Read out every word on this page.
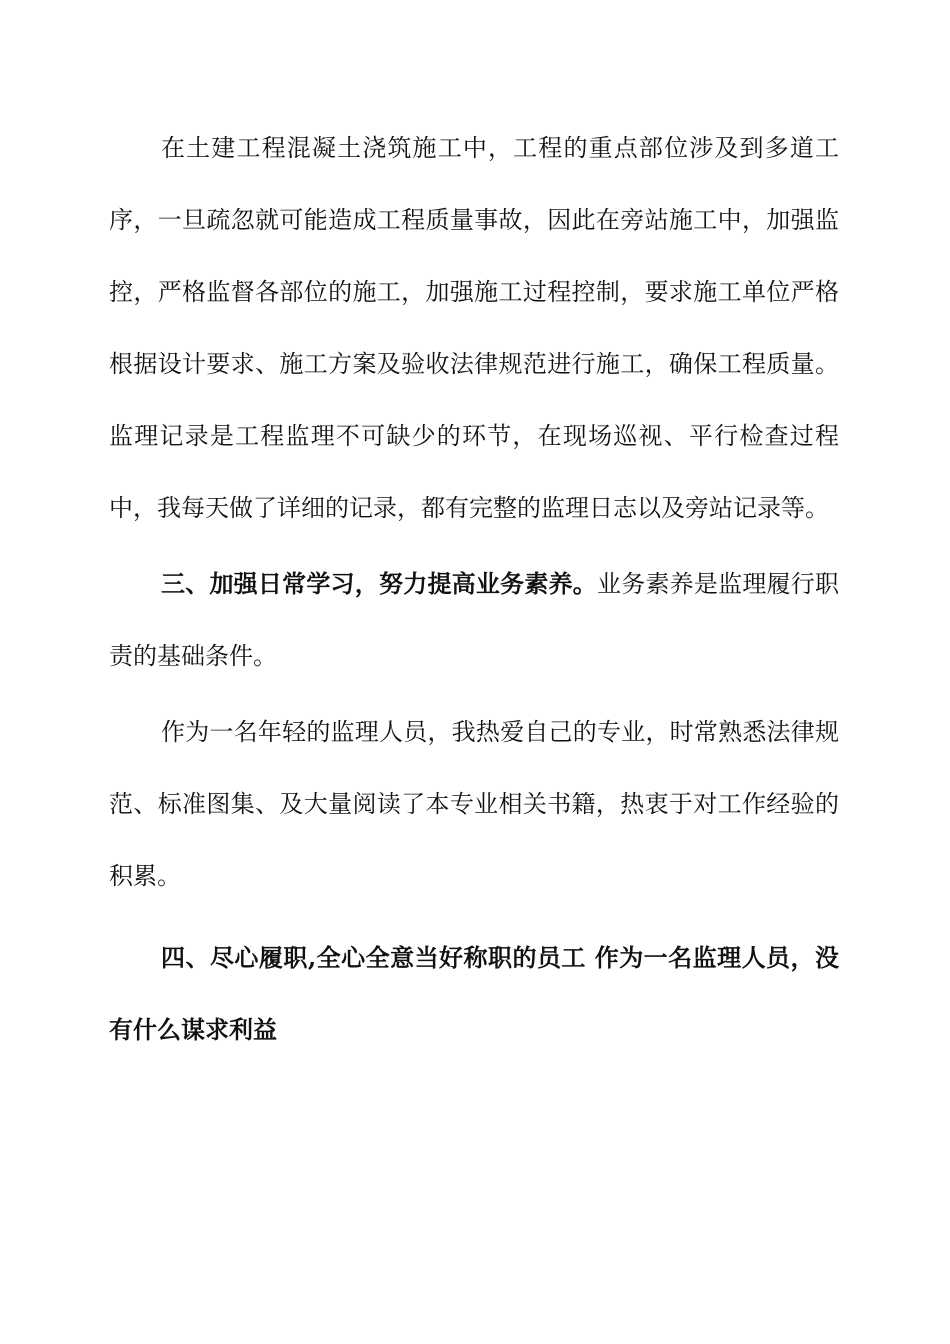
在土建工程混凝土浇筑施工中，工程的重点部位涉及到多道工序，一旦疏忽就可能造成工程质量事故，因此在旁站施工中，加强监控，严格监督各部位的施工，加强施工过程控制，要求施工单位严格根据设计要求、施工方案及验收法律规范进行施工，确保工程质量。监理记录是工程监理不可缺少的环节，在现场巡视、平行检查过程中，我每天做了详细的记录，都有完整的监理日志以及旁站记录等。

三、加强日常学习，努力提高业务素养。业务素养是监理履行职责的基础条件。

作为一名年轻的监理人员，我热爱自己的专业，时常熟悉法律规范、标准图集、及大量阅读了本专业相关书籍，热衷于对工作经验的积累。

四、尽心履职,全心全意当好称职的员工 作为一名监理人员，没有什么谋求利益
